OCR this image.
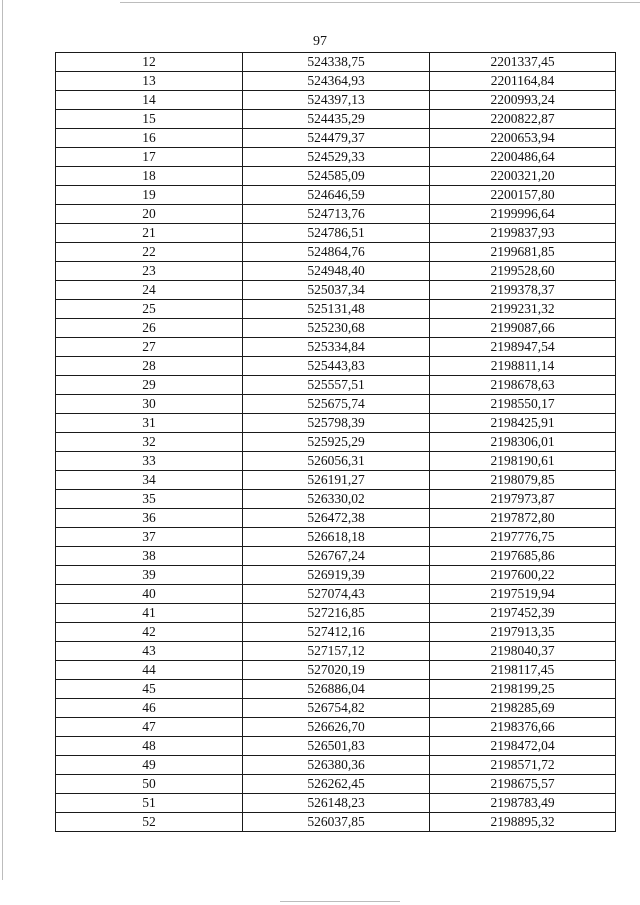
97
12	524338,75	2201337,45
13	524364,93	2201164,84
14	524397,13	2200993,24
15	524435,29	2200822,87
16	524479,37	2200653,94
17	524529,33	2200486,64
18	524585,09	2200321,20
19	524646,59	2200157,80
20	524713,76	2199996,64
21	524786,51	2199837,93
22	524864,76	2199681,85
23	524948,40	2199528,60
24	525037,34	2199378,37
25	525131,48	2199231,32
26	525230,68	2199087,66
27	525334,84	2198947,54
28	525443,83	2198811,14
29	525557,51	2198678,63
30	525675,74	2198550,17
31	525798,39	2198425,91
32	525925,29	2198306,01
33	526056,31	2198190,61
34	526191,27	2198079,85
35	526330,02	2197973,87
36	526472,38	2197872,80
37	526618,18	2197776,75
38	526767,24	2197685,86
39	526919,39	2197600,22
40	527074,43	2197519,94
41	527216,85	2197452,39
42	527412,16	2197913,35
43	527157,12	2198040,37
44	527020,19	2198117,45
45	526886,04	2198199,25
46	526754,82	2198285,69
47	526626,70	2198376,66
48	526501,83	2198472,04
49	526380,36	2198571,72
50	526262,45	2198675,57
51	526148,23	2198783,49
52	526037,85	2198895,32
